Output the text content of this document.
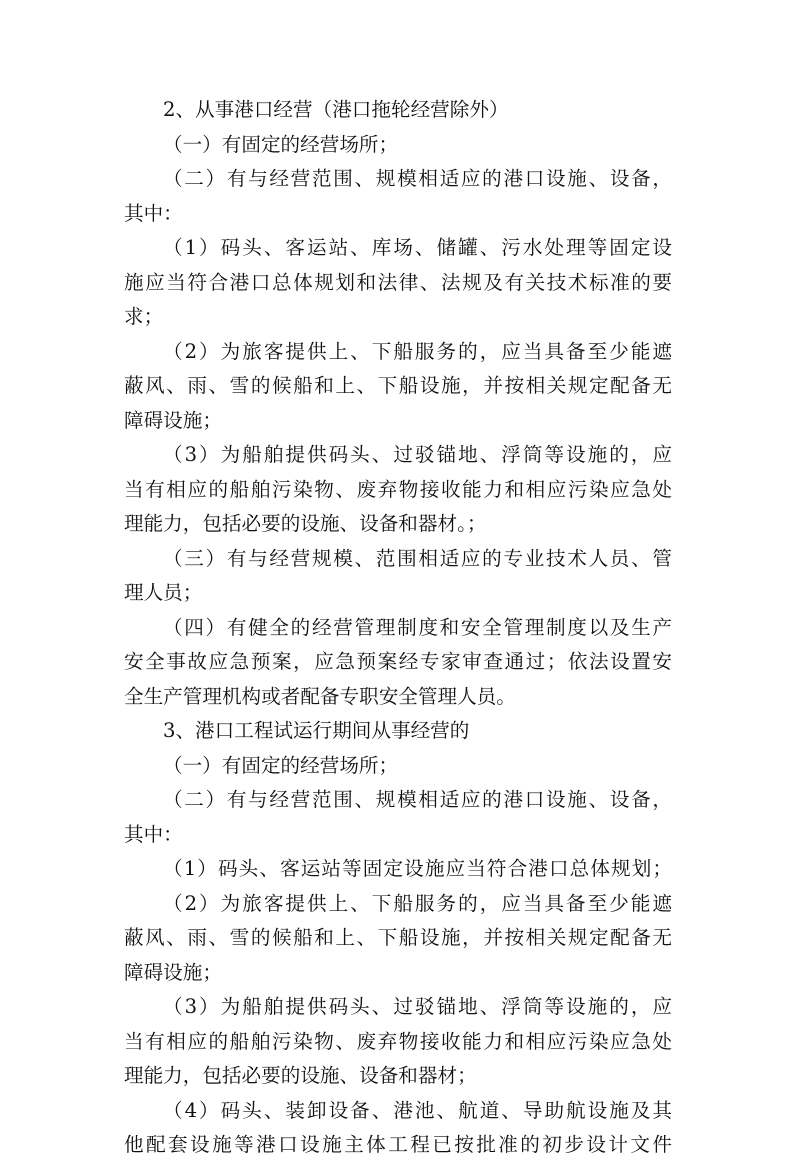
2、从事港口经营（港口拖轮经营除外）
（一）有固定的经营场所；
（二）有与经营范围、规模相适应的港口设施、设备，
其中：
（1）码头、客运站、库场、储罐、污水处理等固定设
施应当符合港口总体规划和法律、法规及有关技术标准的要
求；
（2）为旅客提供上、下船服务的，应当具备至少能遮
蔽风、雨、雪的候船和上、下船设施，并按相关规定配备无
障碍设施；
（3）为船舶提供码头、过驳锚地、浮筒等设施的，应
当有相应的船舶污染物、废弃物接收能力和相应污染应急处
理能力，包括必要的设施、设备和器材。；
（三）有与经营规模、范围相适应的专业技术人员、管
理人员；
（四）有健全的经营管理制度和安全管理制度以及生产
安全事故应急预案，应急预案经专家审查通过；依法设置安
全生产管理机构或者配备专职安全管理人员。
3、港口工程试运行期间从事经营的
（一）有固定的经营场所；
（二）有与经营范围、规模相适应的港口设施、设备，
其中：
（1）码头、客运站等固定设施应当符合港口总体规划；
（2）为旅客提供上、下船服务的，应当具备至少能遮
蔽风、雨、雪的候船和上、下船设施，并按相关规定配备无
障碍设施；
（3）为船舶提供码头、过驳锚地、浮筒等设施的，应
当有相应的船舶污染物、废弃物接收能力和相应污染应急处
理能力，包括必要的设施、设备和器材；
（4）码头、装卸设备、港池、航道、导助航设施及其
他配套设施等港口设施主体工程已按批准的初步设计文件
